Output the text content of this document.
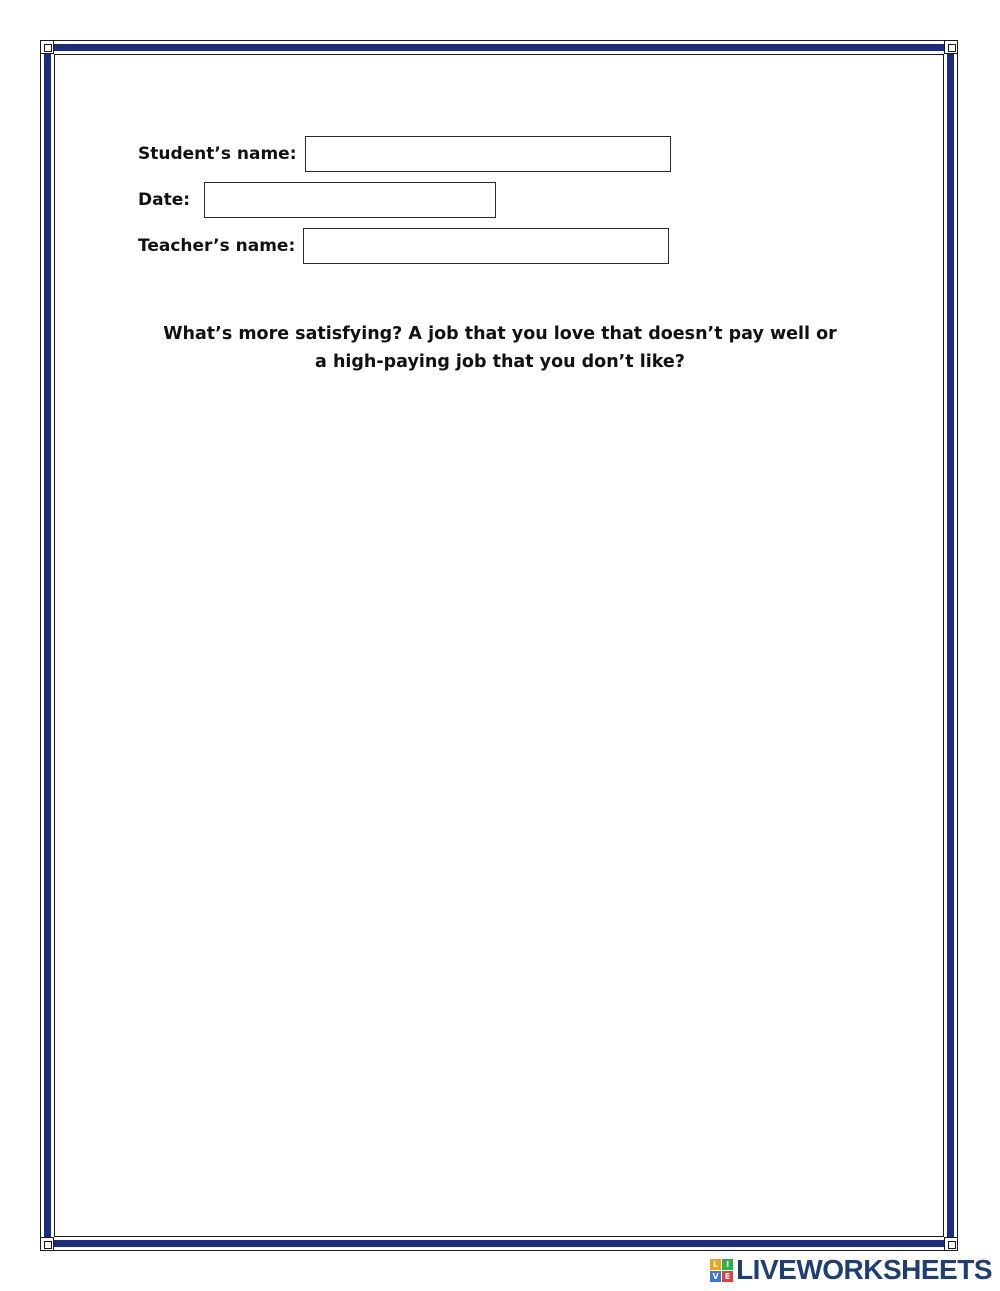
Student’s name:
Date:
Teacher’s name:
What’s more satisfying? A job that you love that doesn’t pay well or
a high-paying job that you don’t like?
L I
V E LIVEWORKSHEETS
